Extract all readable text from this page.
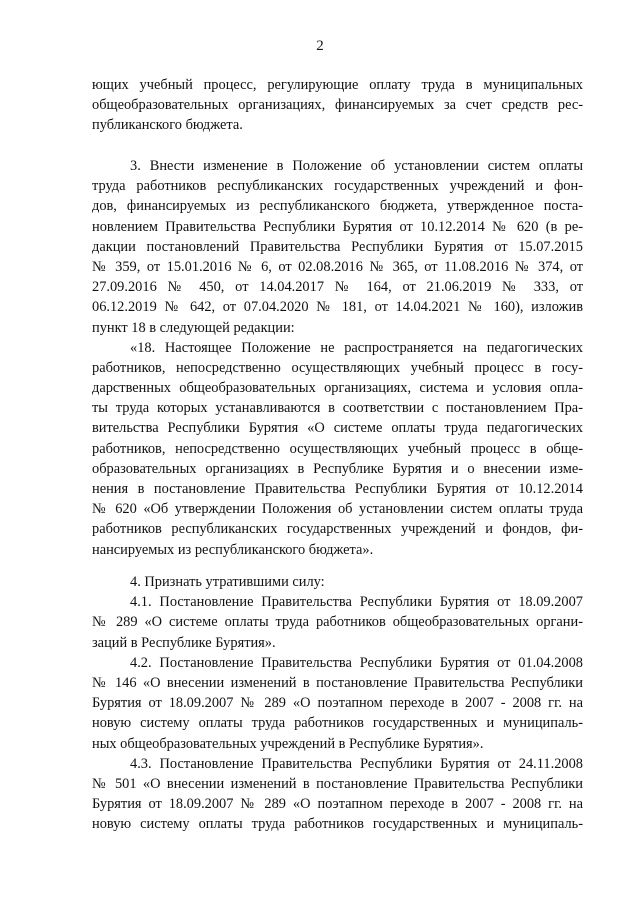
2
ющих учебный процесс, регулирующие оплату труда в муниципальных
общеобразовательных организациях, финансируемых за счет средств рес-
публиканского бюджета.
3. Внести изменение в Положение об установлении систем оплаты
труда работников республиканских государственных учреждений и фон-
дов, финансируемых из республиканского бюджета, утвержденное поста-
новлением Правительства Республики Бурятия от 10.12.2014 № 620 (в ре-
дакции постановлений Правительства Республики Бурятия от 15.07.2015
№ 359, от 15.01.2016 № 6, от 02.08.2016 № 365, от 11.08.2016 № 374, от
27.09.2016 № 450, от 14.04.2017 № 164, от 21.06.2019 № 333, от
06.12.2019 № 642, от 07.04.2020 № 181, от 14.04.2021 № 160), изложив
пункт 18 в следующей редакции:
«18. Настоящее Положение не распространяется на педагогических
работников, непосредственно осуществляющих учебный процесс в госу-
дарственных общеобразовательных организациях, система и условия опла-
ты труда которых устанавливаются в соответствии с постановлением Пра-
вительства Республики Бурятия «О системе оплаты труда педагогических
работников, непосредственно осуществляющих учебный процесс в обще-
образовательных организациях в Республике Бурятия и о внесении изме-
нения в постановление Правительства Республики Бурятия от 10.12.2014
№ 620 «Об утверждении Положения об установлении систем оплаты труда
работников республиканских государственных учреждений и фондов, фи-
нансируемых из республиканского бюджета».
4. Признать утратившими силу:
4.1. Постановление Правительства Республики Бурятия от 18.09.2007
№ 289 «О системе оплаты труда работников общеобразовательных органи-
заций в Республике Бурятия».
4.2. Постановление Правительства Республики Бурятия от 01.04.2008
№ 146 «О внесении изменений в постановление Правительства Республики
Бурятия от 18.09.2007 № 289 «О поэтапном переходе в 2007 - 2008 гг. на
новую систему оплаты труда работников государственных и муниципаль-
ных общеобразовательных учреждений в Республике Бурятия».
4.3. Постановление Правительства Республики Бурятия от 24.11.2008
№ 501 «О внесении изменений в постановление Правительства Республики
Бурятия от 18.09.2007 № 289 «О поэтапном переходе в 2007 - 2008 гг. на
новую систему оплаты труда работников государственных и муниципаль-
